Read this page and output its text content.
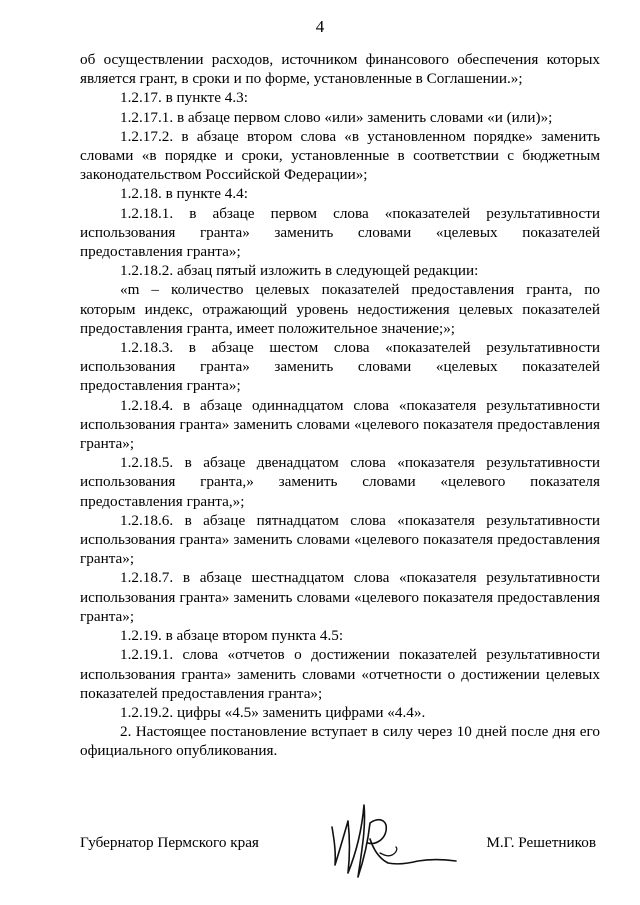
4

об осуществлении расходов, источником финансового обеспечения которых является грант, в сроки и по форме, установленные в Соглашении.»;

1.2.17. в пункте 4.3:

1.2.17.1. в абзаце первом слово «или» заменить словами «и (или)»;

1.2.17.2. в абзаце втором слова «в установленном порядке» заменить словами «в порядке и сроки, установленные в соответствии с бюджетным законодательством Российской Федерации»;

1.2.18. в пункте 4.4:

1.2.18.1. в абзаце первом слова «показателей результативности использования гранта» заменить словами «целевых показателей предоставления гранта»;

1.2.18.2. абзац пятый изложить в следующей редакции:

«m – количество целевых показателей предоставления гранта, по которым индекс, отражающий уровень недостижения целевых показателей предоставления гранта, имеет положительное значение;»;

1.2.18.3. в абзаце шестом слова «показателей результативности использования гранта» заменить словами «целевых показателей предоставления гранта»;

1.2.18.4. в абзаце одиннадцатом слова «показателя результативности использования гранта» заменить словами «целевого показателя предоставления гранта»;

1.2.18.5. в абзаце двенадцатом слова «показателя результативности использования гранта,» заменить словами «целевого показателя предоставления гранта,»;

1.2.18.6. в абзаце пятнадцатом слова «показателя результативности использования гранта» заменить словами «целевого показателя предоставления гранта»;

1.2.18.7. в абзаце шестнадцатом слова «показателя результативности использования гранта» заменить словами «целевого показателя предоставления гранта»;

1.2.19. в абзаце втором пункта 4.5:

1.2.19.1. слова «отчетов о достижении показателей результативности использования гранта» заменить словами «отчетности о достижении целевых показателей предоставления гранта»;

1.2.19.2. цифры «4.5» заменить цифрами «4.4».

2. Настоящее постановление вступает в силу через 10 дней после дня его официального опубликования.

Губернатор Пермского края	М.Г. Решетников
